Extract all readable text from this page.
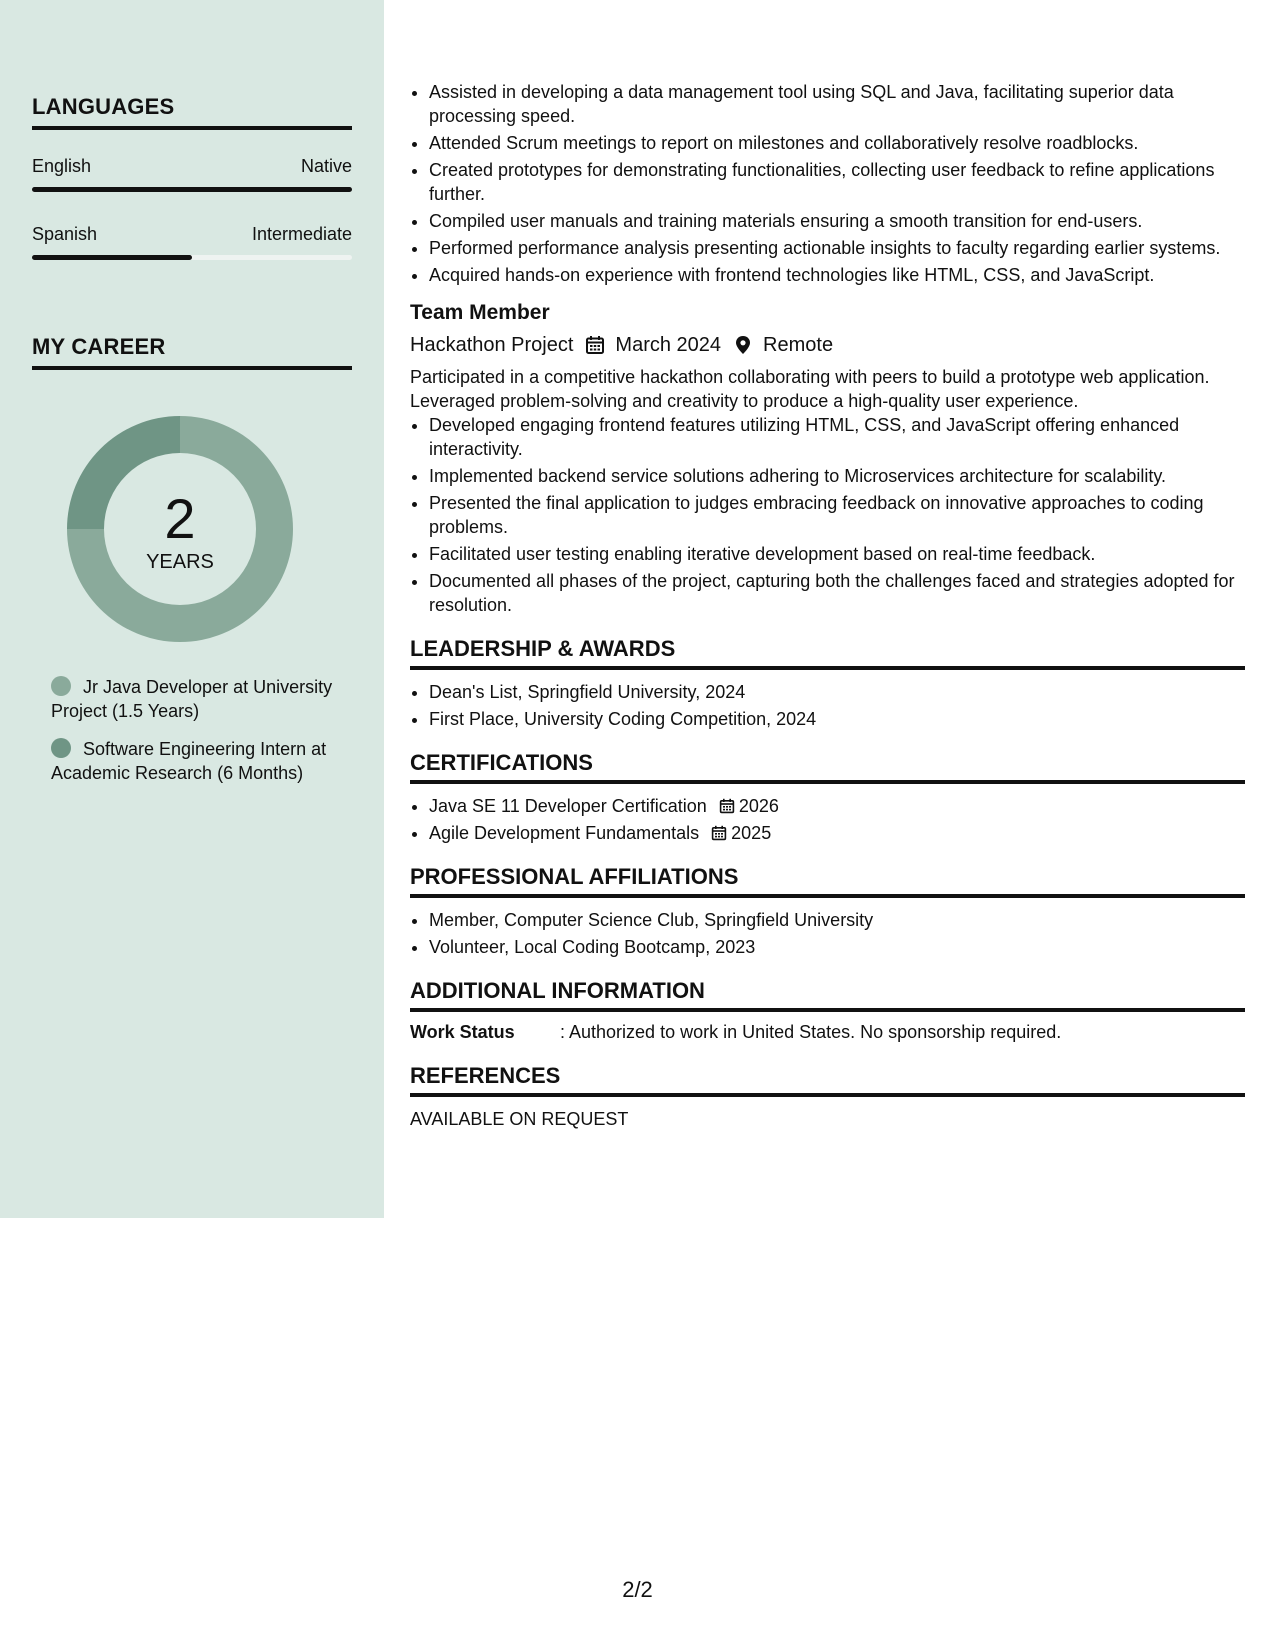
LANGUAGES
English	Native
Spanish	Intermediate
MY CAREER
2
YEARS
Jr Java Developer at University Project (1.5 Years)
Software Engineering Intern at Academic Research (6 Months)
• Assisted in developing a data management tool using SQL and Java, facilitating superior data processing speed.
• Attended Scrum meetings to report on milestones and collaboratively resolve roadblocks.
• Created prototypes for demonstrating functionalities, collecting user feedback to refine applications further.
• Compiled user manuals and training materials ensuring a smooth transition for end-users.
• Performed performance analysis presenting actionable insights to faculty regarding earlier systems.
• Acquired hands-on experience with frontend technologies like HTML, CSS, and JavaScript.
Team Member
Hackathon Project March 2024 Remote
Participated in a competitive hackathon collaborating with peers to build a prototype web application. Leveraged problem-solving and creativity to produce a high-quality user experience.
• Developed engaging frontend features utilizing HTML, CSS, and JavaScript offering enhanced interactivity.
• Implemented backend service solutions adhering to Microservices architecture for scalability.
• Presented the final application to judges embracing feedback on innovative approaches to coding problems.
• Facilitated user testing enabling iterative development based on real-time feedback.
• Documented all phases of the project, capturing both the challenges faced and strategies adopted for resolution.
LEADERSHIP & AWARDS
• Dean's List, Springfield University, 2024
• First Place, University Coding Competition, 2024
CERTIFICATIONS
• Java SE 11 Developer Certification 2026
• Agile Development Fundamentals 2025
PROFESSIONAL AFFILIATIONS
• Member, Computer Science Club, Springfield University
• Volunteer, Local Coding Bootcamp, 2023
ADDITIONAL INFORMATION
Work Status	: Authorized to work in United States. No sponsorship required.
REFERENCES
AVAILABLE ON REQUEST
2/2
